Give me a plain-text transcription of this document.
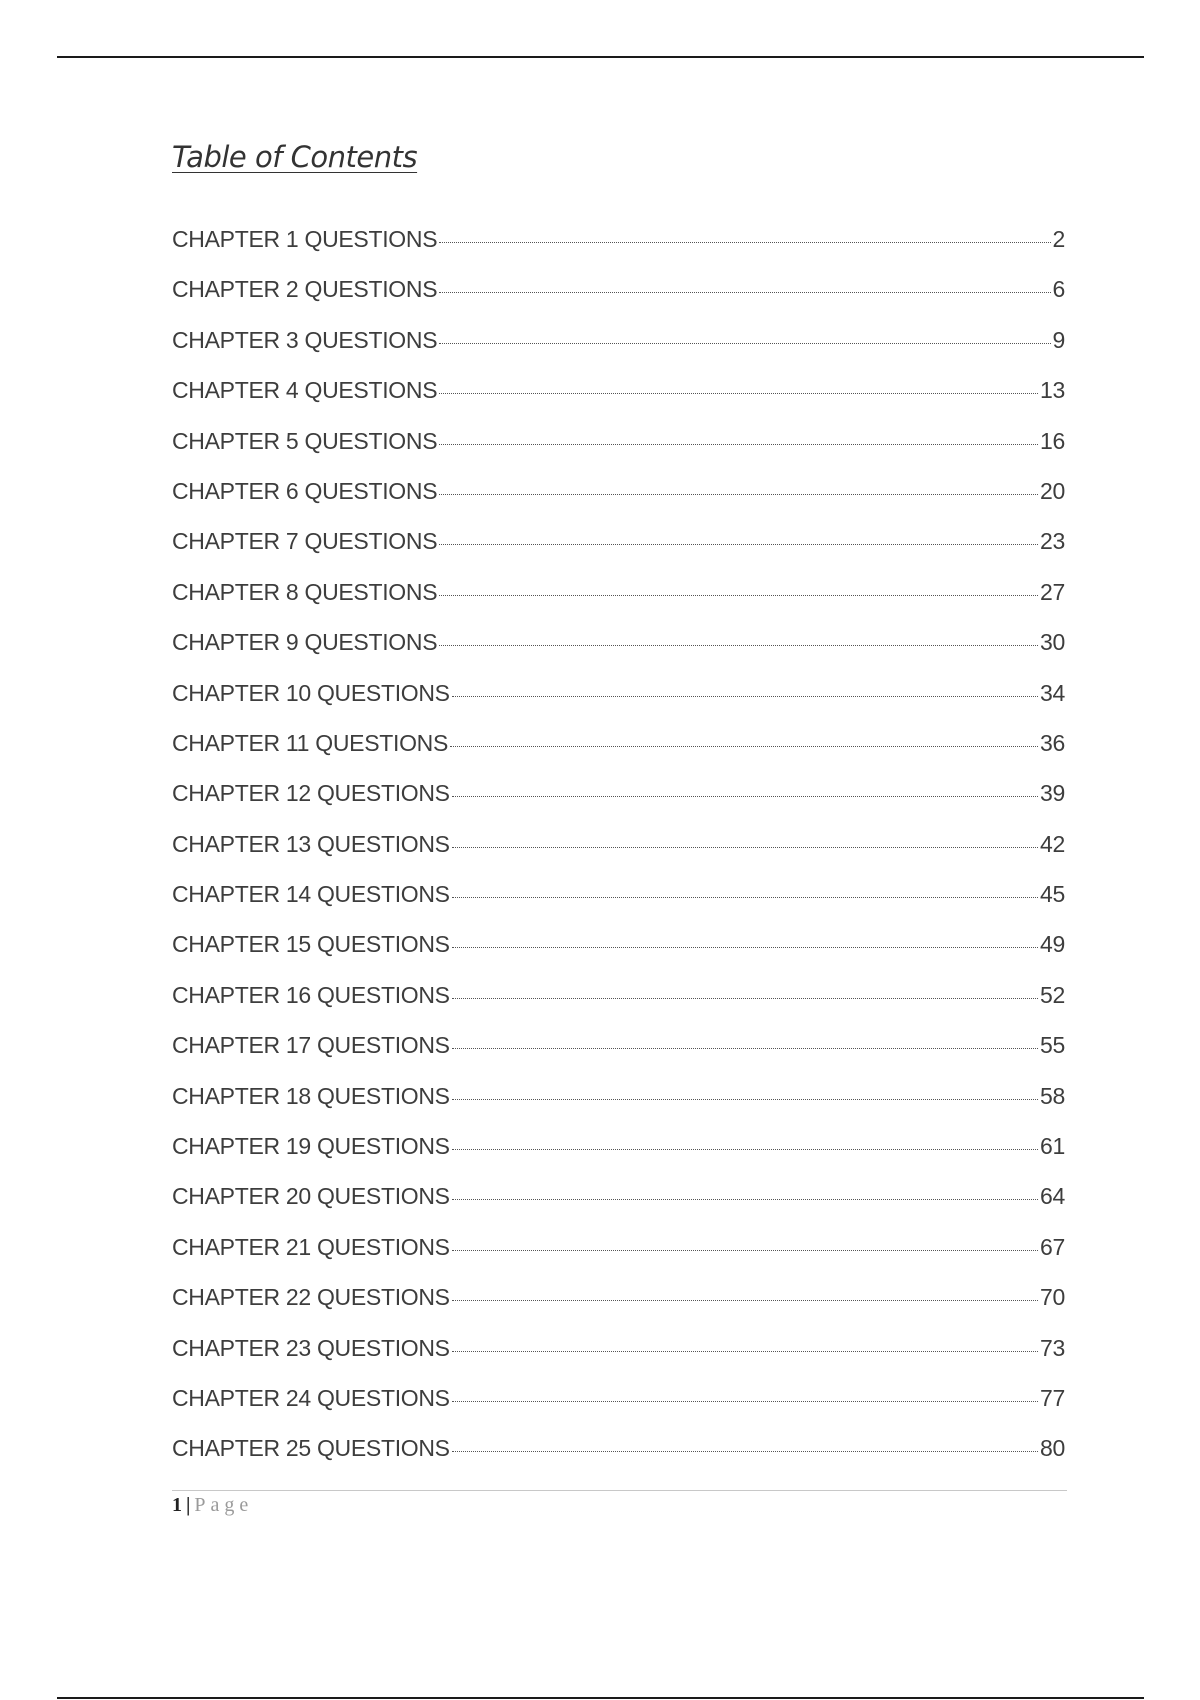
Table of Contents
CHAPTER 1 QUESTIONS	2
CHAPTER 2 QUESTIONS	6
CHAPTER 3 QUESTIONS	9
CHAPTER 4 QUESTIONS	13
CHAPTER 5 QUESTIONS	16
CHAPTER 6 QUESTIONS	20
CHAPTER 7 QUESTIONS	23
CHAPTER 8 QUESTIONS	27
CHAPTER 9 QUESTIONS	30
CHAPTER 10 QUESTIONS	34
CHAPTER 11 QUESTIONS	36
CHAPTER 12 QUESTIONS	39
CHAPTER 13 QUESTIONS	42
CHAPTER 14 QUESTIONS	45
CHAPTER 15 QUESTIONS	49
CHAPTER 16 QUESTIONS	52
CHAPTER 17 QUESTIONS	55
CHAPTER 18 QUESTIONS	58
CHAPTER 19 QUESTIONS	61
CHAPTER 20 QUESTIONS	64
CHAPTER 21 QUESTIONS	67
CHAPTER 22 QUESTIONS	70
CHAPTER 23 QUESTIONS	73
CHAPTER 24 QUESTIONS	77
CHAPTER 25 QUESTIONS	80
1 | Page
